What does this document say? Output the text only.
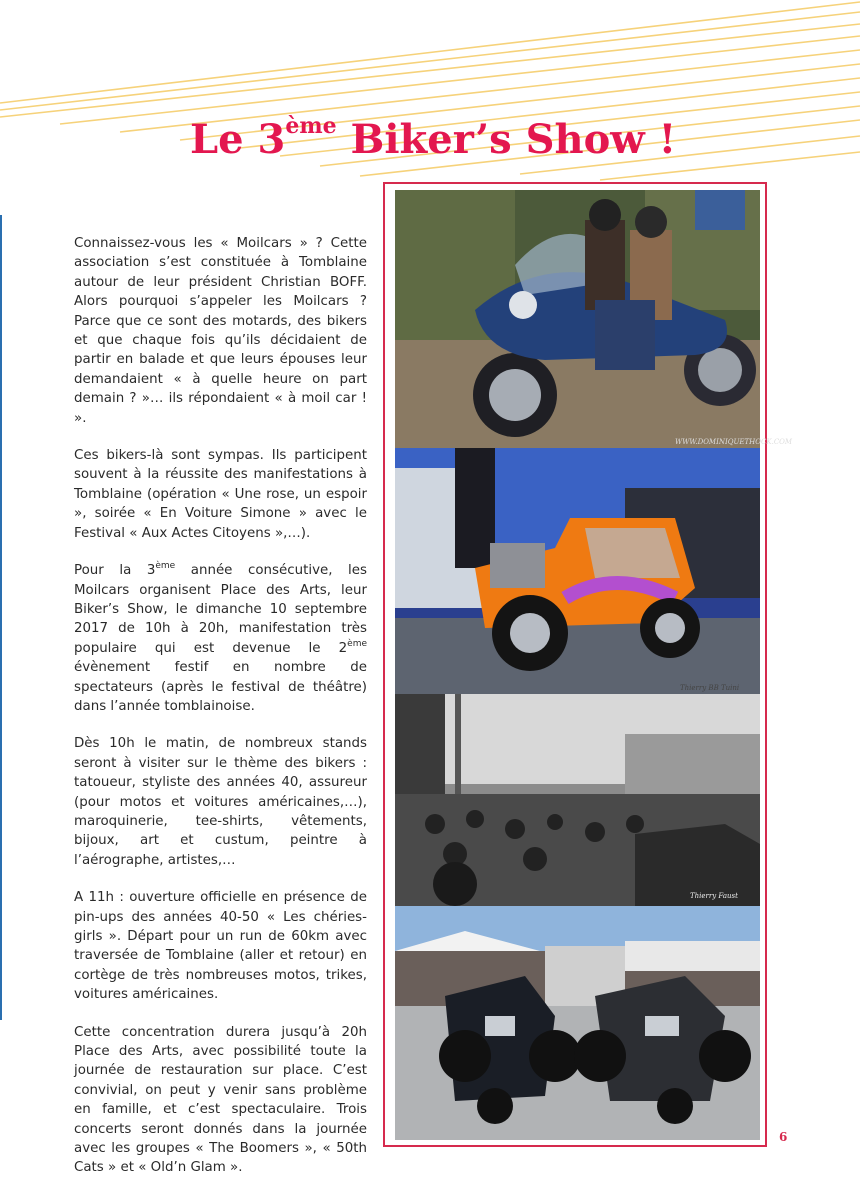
Le 3ème Biker’s Show !

Connaissez-vous les « Moilcars » ? Cette association s’est constituée à Tomblaine autour de leur président Christian BOFF. Alors pourquoi s’appeler les Moilcars ? Parce que ce sont des motards, des bikers et que chaque fois qu’ils décidaient de partir en balade et que leurs épouses leur demandaient « à quelle heure on part demain ? »… ils répondaient « à moil car ! ».

Ces bikers-là sont sympas. Ils participent souvent à la réussite des manifestations à Tomblaine (opération « Une rose, un espoir », soirée « En Voiture Simone » avec le Festival « Aux Actes Citoyens »,…).

Pour la 3ème année consécutive, les Moilcars organisent Place des Arts, leur Biker’s Show, le dimanche 10 septembre 2017 de 10h à 20h, manifestation très populaire qui est devenue le 2ème évènement festif en nombre de spectateurs (après le festival de théâtre) dans l’année tomblainoise.

Dès 10h le matin, de nombreux stands seront à visiter sur le thème des bikers : tatoueur, styliste des années 40, assureur (pour motos et voitures américaines,…), maroquinerie, tee-shirts, vêtements, bijoux, art et custum, peintre à l’aérographe, artistes,…

A 11h : ouverture officielle en présence de pin-ups des années 40-50 « Les chéries-girls ». Départ pour un run de 60km avec traversée de Tomblaine (aller et retour) en cortège de très nombreuses motos, trikes, voitures américaines.

Cette concentration durera jusqu’à 20h Place des Arts, avec possibilité toute la journée de restauration sur place. C’est convivial, on peut y venir sans problème en famille, et c’est spectaculaire. Trois concerts seront donnés dans la journée avec les groupes « The Boomers », « 50th Cats » et « Old’n Glam ».

WWW.DOMINIQUETHOCK.COM
Thierry BB Tuini
Thierry Faust
6
